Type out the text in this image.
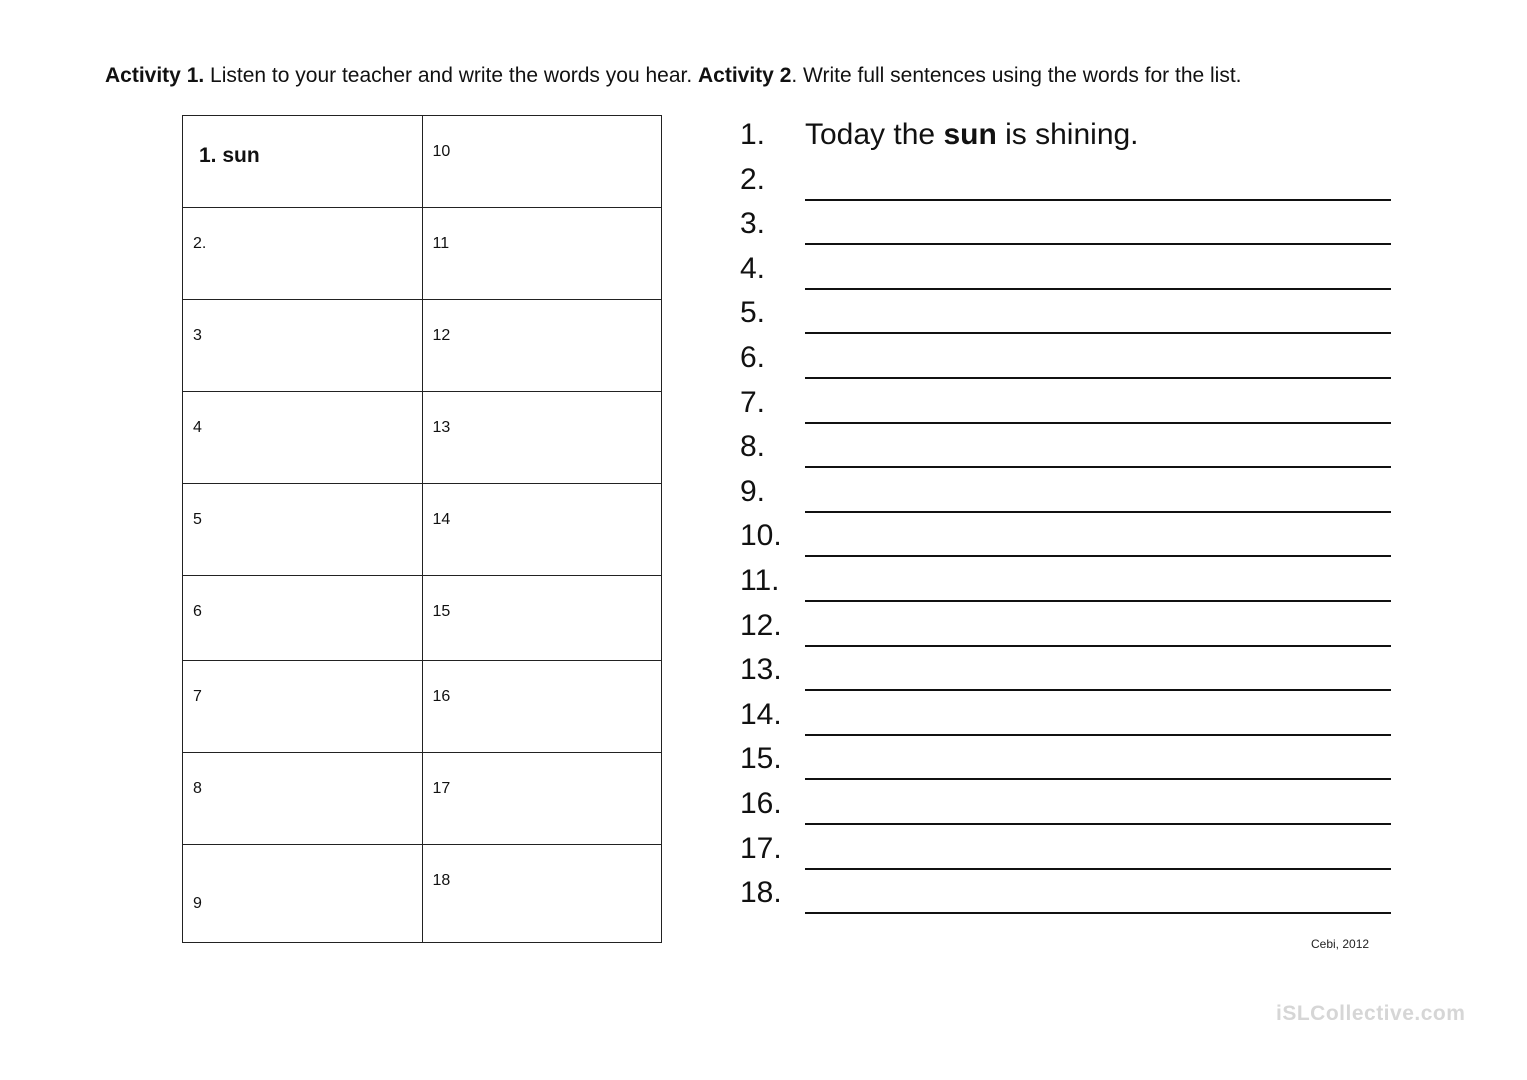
Activity 1. Listen to your teacher and write the words you hear. Activity 2. Write full sentences using the words for the list.
1. sun	10

2.	11

3	12

4	13

5	14

6	15

7	16

8	17

9	18
1. Today the sun is shining.
2.
3.
4.
5.
6.
7.
8.
9.
10.
11.
12.
13.
14.
15.
16.
17.
18.
Cebi, 2012
iSLCollective.com
